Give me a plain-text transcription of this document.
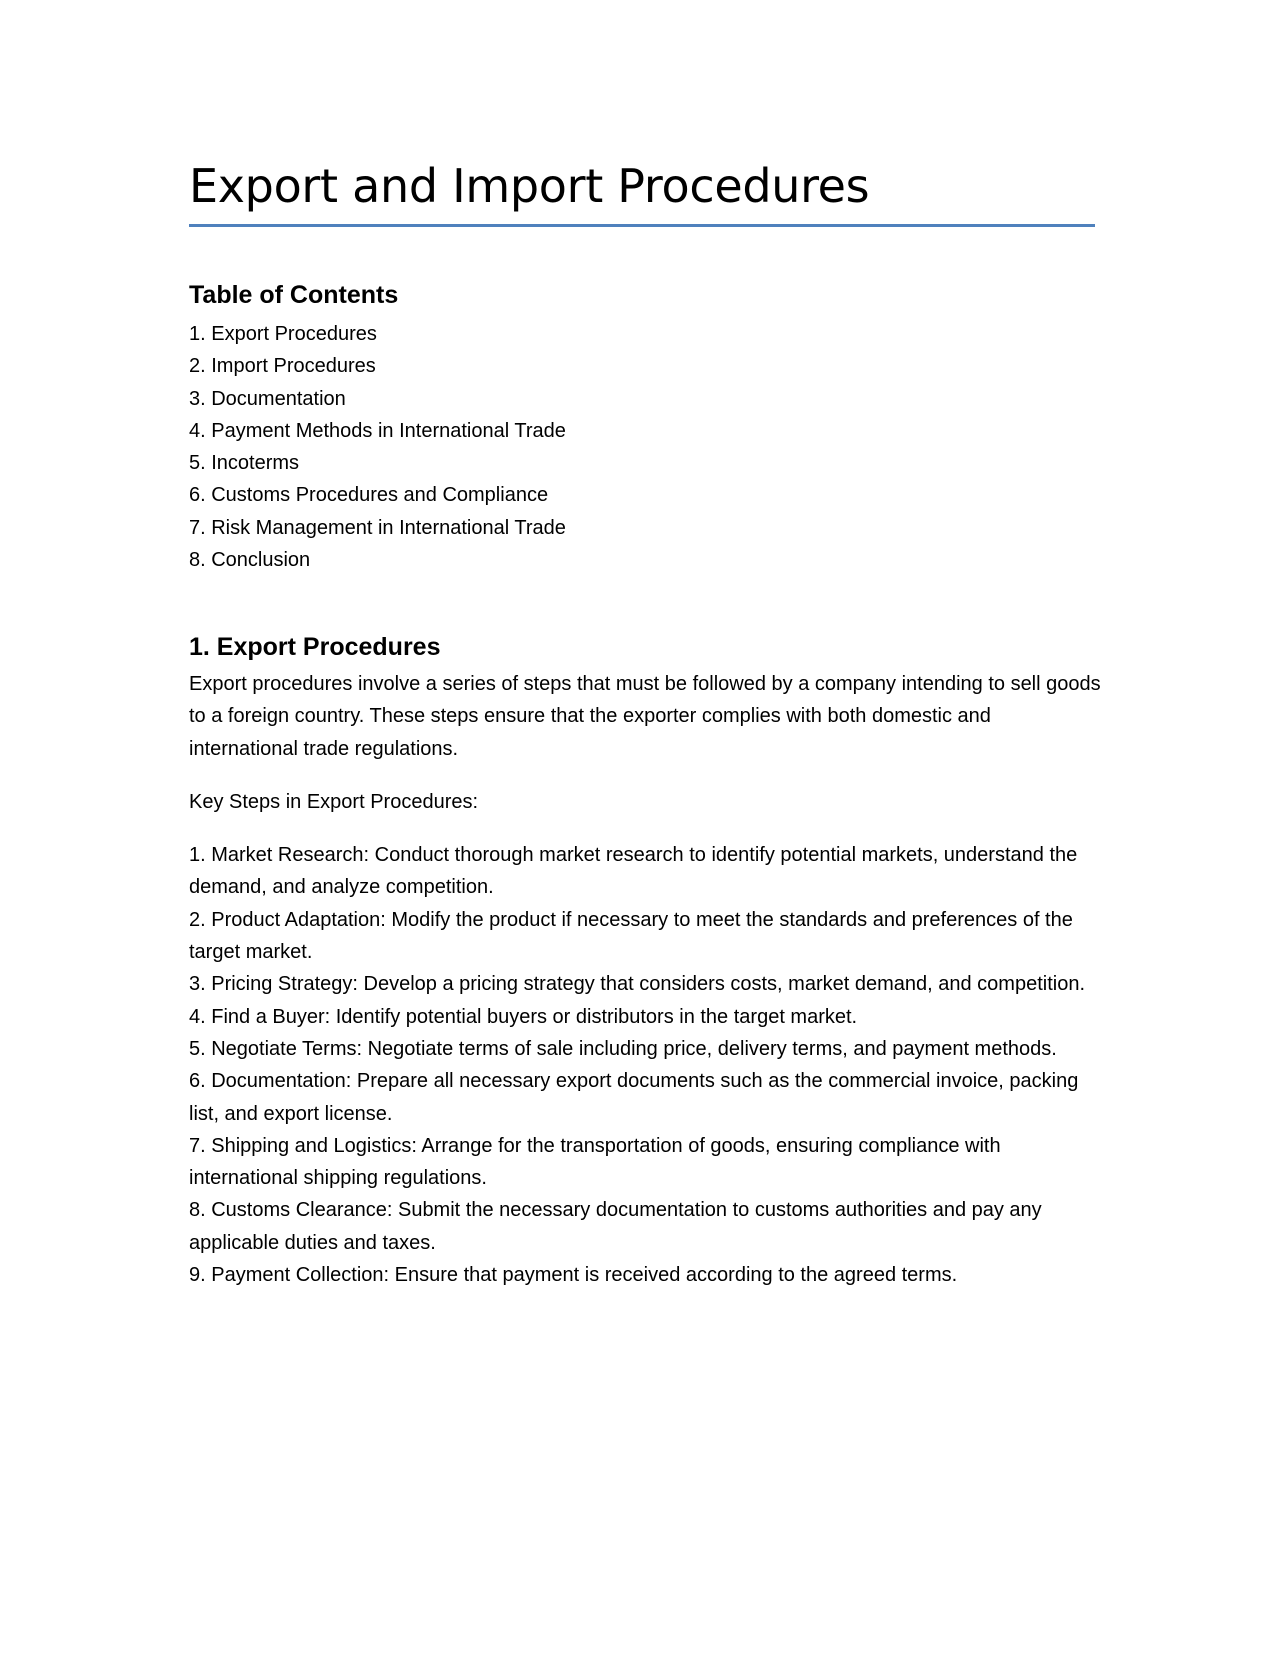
Export and Import Procedures
Table of Contents
1. Export Procedures
2. Import Procedures
3. Documentation
4. Payment Methods in International Trade
5. Incoterms
6. Customs Procedures and Compliance
7. Risk Management in International Trade
8. Conclusion
1. Export Procedures

Export procedures involve a series of steps that must be followed by a company intending to sell goods to a foreign country. These steps ensure that the exporter complies with both domestic and international trade regulations.

Key Steps in Export Procedures:

1. Market Research: Conduct thorough market research to identify potential markets, understand the demand, and analyze competition.
2. Product Adaptation: Modify the product if necessary to meet the standards and preferences of the target market.
3. Pricing Strategy: Develop a pricing strategy that considers costs, market demand, and competition.
4. Find a Buyer: Identify potential buyers or distributors in the target market.
5. Negotiate Terms: Negotiate terms of sale including price, delivery terms, and payment methods.
6. Documentation: Prepare all necessary export documents such as the commercial invoice, packing list, and export license.
7. Shipping and Logistics: Arrange for the transportation of goods, ensuring compliance with international shipping regulations.
8. Customs Clearance: Submit the necessary documentation to customs authorities and pay any applicable duties and taxes.
9. Payment Collection: Ensure that payment is received according to the agreed terms.
